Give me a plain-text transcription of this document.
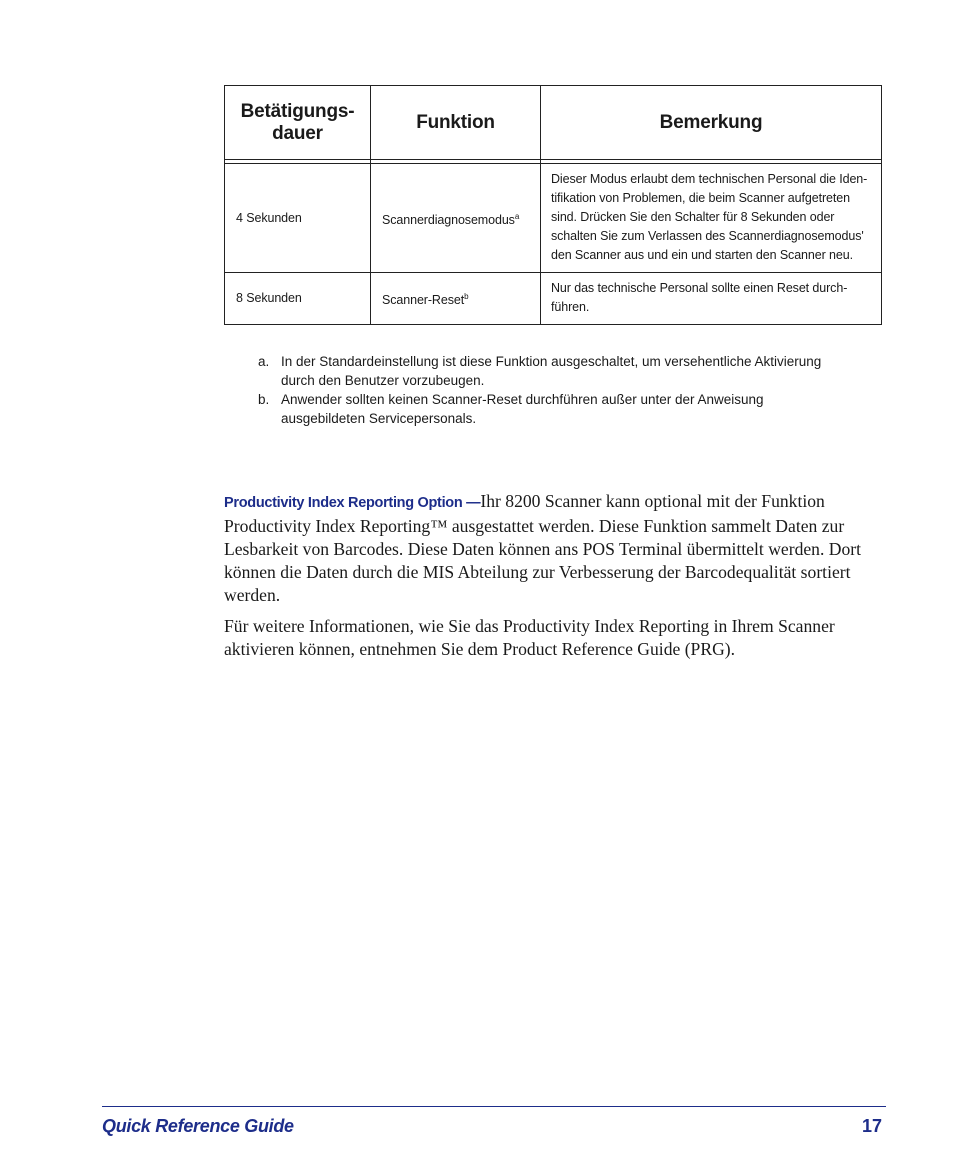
Betätigungs-
dauer	Funktion	Bemerkung

4 Sekunden	Scannerdiagnosemodus$^a$	Dieser Modus erlaubt dem technischen Personal die Iden-
tifikation von Problemen, die beim Scanner aufgetreten
sind. Drücken Sie den Schalter für 8 Sekunden oder
schalten Sie zum Verlassen des Scannerdiagnosemodus'
den Scanner aus und ein und starten den Scanner neu.
8 Sekunden	Scanner-Reset$^b$	Nur das technische Personal sollte einen Reset durch-
führen.
a. In der Standardeinstellung ist diese Funktion ausgeschaltet, um versehentliche Aktivierung durch den Benutzer vorzubeugen.
b. Anwender sollten keinen Scanner-Reset durchführen außer unter der Anweisung ausgebildeten Servicepersonals.

Productivity Index Reporting Option —Ihr 8200 Scanner kann optional mit der Funktion Productivity Index Reporting™ ausgestattet werden. Diese Funktion sammelt Daten zur Lesbarkeit von Barcodes. Diese Daten können ans POS Terminal übermittelt werden. Dort können die Daten durch die MIS Abteilung zur Verbesserung der Barcodequalität sortiert werden.

Für weitere Informationen, wie Sie das Productivity Index Reporting in Ihrem Scanner aktivieren können, entnehmen Sie dem Product Reference Guide (PRG).

Quick Reference Guide	17
